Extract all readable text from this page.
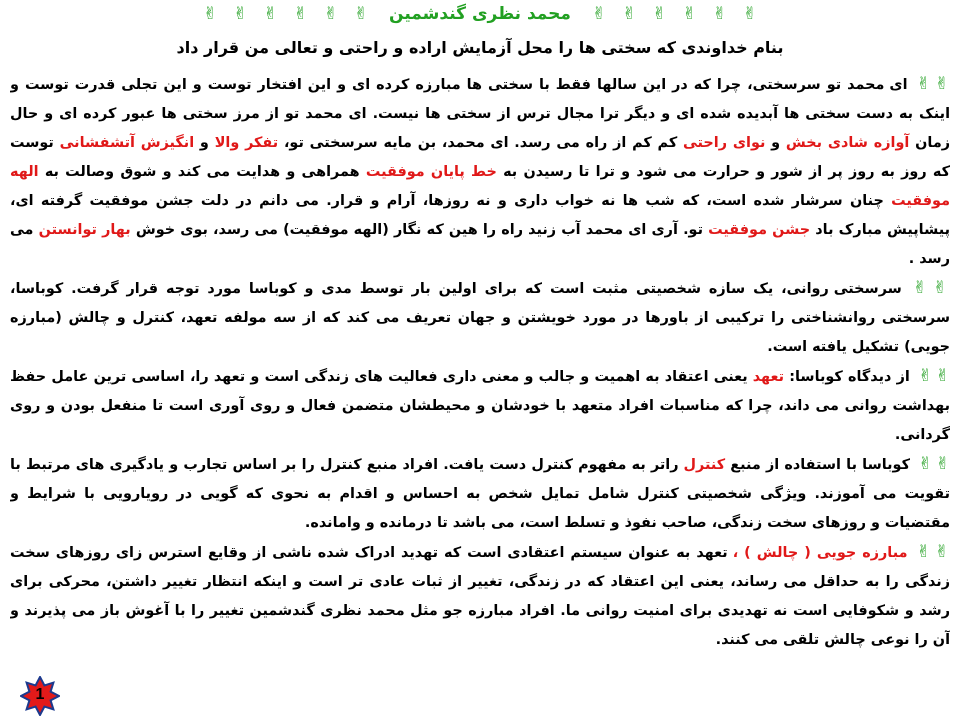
✌ ✌ ✌ ✌ ✌ ✌ محمد نظری گندشمین ✌ ✌ ✌ ✌ ✌ ✌
بنام خداوندی که سختی ها را محل آزمایش اراده و راحتی و تعالی من قرار داد

✌✌ ای محمد تو سرسختی، چرا که در این سالها فقط با سختی ها مبارزه کرده ای و این افتخار توست و این تجلی قدرت توست و اینک به دست سختی ها آبدیده شده ای و دیگر ترا مجال ترس از سختی ها نیست. ای محمد تو از مرز سختی ها عبور کرده ای و حال زمان آوازه شادی بخش و نوای راحتی کم کم از راه می رسد. ای محمد، بن مایه سرسختی تو، تفکر والا و انگیزش آتشفشانی توست که روز به روز پر از شور و حرارت می شود و ترا تا رسیدن به خط پایان موفقیت همراهی و هدایت می کند و شوق وصالت به الهه موفقیت چنان سرشار شده است، که شب ها نه خواب داری و نه روزها، آرام و قرار. می دانم در دلت جشن موفقیت گرفته ای، پیشاپیش مبارک باد جشن موفقیت تو. آری ای محمد آب زنید راه را هین که نگار (الهه موفقیت) می رسد، بوی خوش بهار توانستن می رسد .

✌✌ سرسختی روانی، یک سازه شخصیتی مثبت است که برای اولین بار توسط مدی و کوباسا مورد توجه قرار گرفت. کوباسا، سرسختی روانشناختی را ترکیبی از باورها در مورد خویشتن و جهان تعریف می کند که از سه مولفه تعهد، کنترل و چالش (مبارزه جویی) تشکیل یافته است.

✌✌ از دیدگاه کوباسا: تعهد یعنی اعتقاد به اهمیت و جالب و معنی داری فعالیت های زندگی است و تعهد را، اساسی ترین عامل حفظ بهداشت روانی می داند، چرا که مناسبات افراد متعهد با خودشان و محیطشان متضمن فعال و روی آوری است تا منفعل بودن و روی گردانی.

✌✌ کوباسا با استفاده از منبع کنترل راتر به مفهوم کنترل دست یافت. افراد منبع کنترل را بر اساس تجارب و یادگیری های مرتبط با تقویت می آموزند. ویژگی شخصیتی کنترل شامل تمایل شخص به احساس و اقدام به نحوی که گویی در رویارویی با شرایط و مقتضیات و روزهای سخت زندگی، صاحب نفوذ و تسلط است، می باشد تا درمانده و وامانده.

✌✌ مبارزه جویی ( چالش ) ، تعهد به عنوان سیستم اعتقادی است که تهدید ادراک شده ناشی از وقایع استرس زای روزهای سخت زندگی را به حداقل می رساند، یعنی این اعتقاد که در زندگی، تغییر از ثبات عادی تر است و اینکه انتظار تغییر داشتن، محرکی برای رشد و شکوفایی است نه تهدیدی برای امنیت روانی ما. افراد مبارزه جو مثل محمد نظری گندشمین تغییر را با آغوش باز می پذیرند و آن را نوعی چالش تلقی می کنند.

1
